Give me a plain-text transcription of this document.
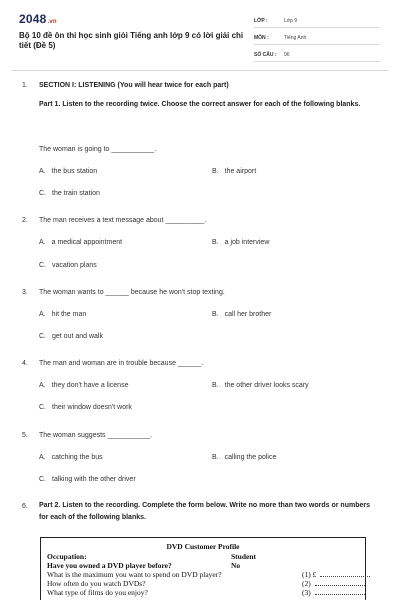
2048.vn
Bộ 10 đề ôn thi học sinh giỏi Tiếng anh lớp 9 có lời giải chi tiết (Đề 5)
LỚP :	Lớp 9
MÔN :	Tiếng Anh
SỐ CÂU :	96
1. SECTION I: LISTENING (You will hear twice for each part)
Part 1. Listen to the recording twice. Choose the correct answer for each of the following blanks.
The woman is going to ___________.
A. the bus station	B. the airport
C. the train station
2. The man receives a text message about __________.
A. a medical appointment	B. a job interview
C. vacation plans
3. The woman wants to ______ because he won't stop texting.
A. hit the man	B. call her brother
C. get out and walk
4. The man and woman are in trouble because ______.
A. they don't have a license	B. the other driver looks scary
C. their window doesn't work
5. The woman suggests ___________.
A. catching the bus	B. calling the police
C. talking with the other driver
6. Part 2. Listen to the recording. Complete the form below. Write no more than two words or numbers for each of the following blanks.
DVD Customer Profile
Occupation:	Student
Have you owned a DVD player before?	No
What is the maximum you want to spend on DVD player?	(1) £
How often do you watch DVDs?	(2)
What type of films do you enjoy?	(3)
